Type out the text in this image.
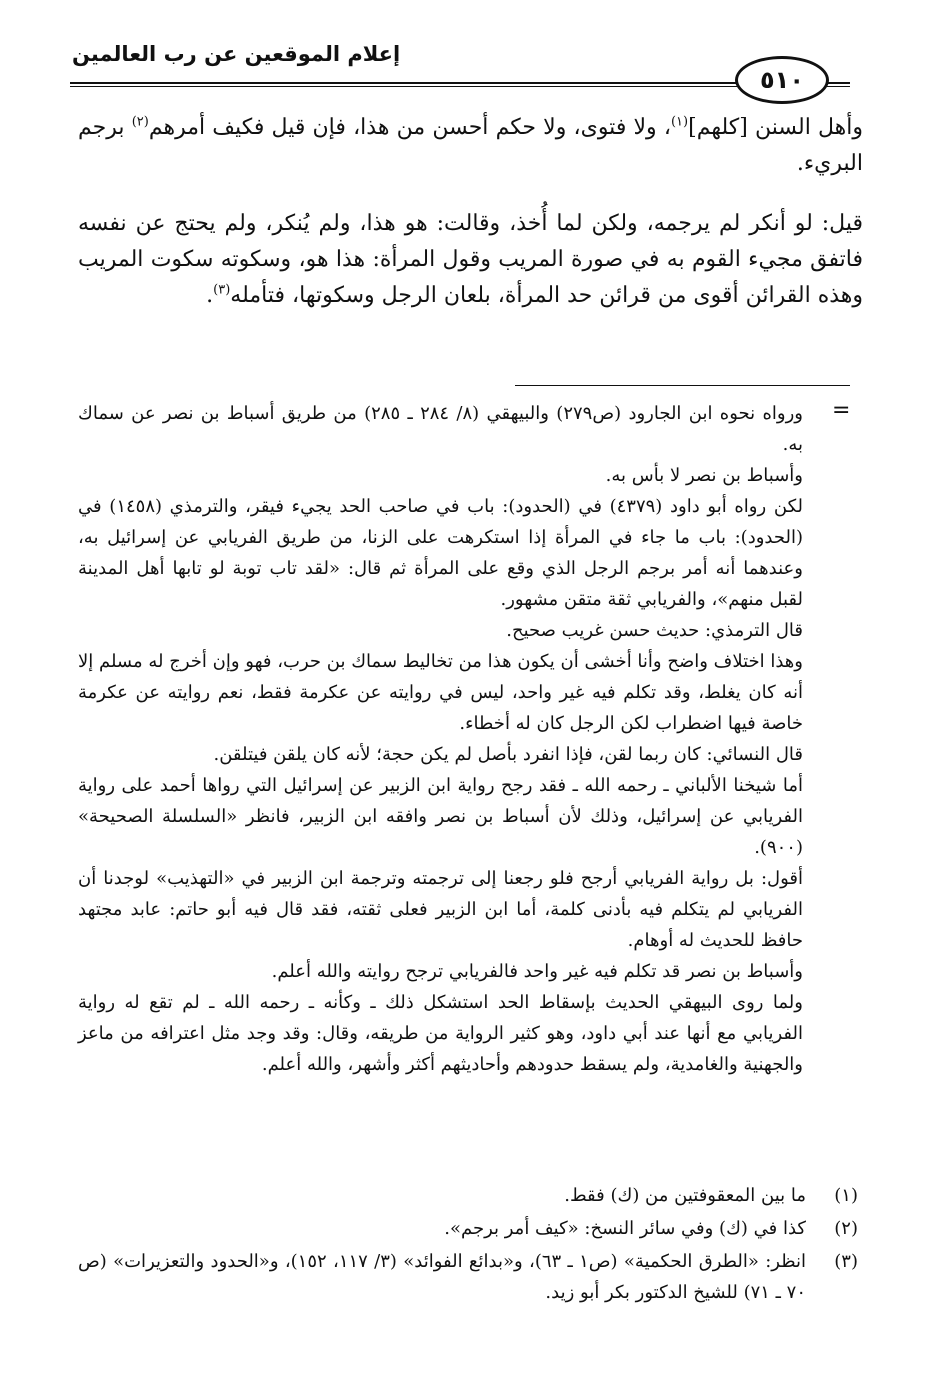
إعلام الموقعين عن رب العالمين
٥١٠

وأهل السنن [كلهم]$^{(١)}$، ولا فتوى، ولا حكم أحسن من هذا، فإن قيل فكيف أمرهم$^{(٢)}$ برجم البريء.

قيل: لو أنكر لم يرجمه، ولكن لما أُخذ، وقالت: هو هذا، ولم يُنكر، ولم يحتج عن نفسه فاتفق مجيء القوم به في صورة المريب وقول المرأة: هذا هو، وسكوته سكوت المريب وهذه القرائن أقوى من قرائن حد المرأة، بلعان الرجل وسكوتها، فتأمله$^{(٣)}$.

=

ورواه نحوه ابن الجارود (ص٢٧٩) والبيهقي (٨/ ٢٨٤ ـ ٢٨٥) من طريق أسباط بن نصر عن سماك به.

وأسباط بن نصر لا بأس به.

لكن رواه أبو داود (٤٣٧٩) في (الحدود): باب في صاحب الحد يجيء فيقر، والترمذي (١٤٥٨) في (الحدود): باب ما جاء في المرأة إذا استكرهت على الزنا، من طريق الفريابي عن إسرائيل به، وعندهما أنه أمر برجم الرجل الذي وقع على المرأة ثم قال: «لقد تاب توبة لو تابها أهل المدينة لقبل منهم»، والفريابي ثقة متقن مشهور.

قال الترمذي: حديث حسن غريب صحيح.

وهذا اختلاف واضح وأنا أخشى أن يكون هذا من تخاليط سماك بن حرب، فهو وإن أخرج له مسلم إلا أنه كان يغلط، وقد تكلم فيه غير واحد، ليس في روايته عن عكرمة فقط، نعم روايته عن عكرمة خاصة فيها اضطراب لكن الرجل كان له أخطاء.

قال النسائي: كان ربما لقن، فإذا انفرد بأصل لم يكن حجة؛ لأنه كان يلقن فيتلقن.

أما شيخنا الألباني ـ رحمه الله ـ فقد رجح رواية ابن الزبير عن إسرائيل التي رواها أحمد على رواية الفريابي عن إسرائيل، وذلك لأن أسباط بن نصر وافقه ابن الزبير، فانظر «السلسلة الصحيحة» (٩٠٠).

أقول: بل رواية الفريابي أرجح فلو رجعنا إلى ترجمته وترجمة ابن الزبير في «التهذيب» لوجدنا أن الفريابي لم يتكلم فيه بأدنى كلمة، أما ابن الزبير فعلى ثقته، فقد قال فيه أبو حاتم: عابد مجتهد حافظ للحديث له أوهام.

وأسباط بن نصر قد تكلم فيه غير واحد فالفريابي ترجح روايته والله أعلم.

ولما روى البيهقي الحديث بإسقاط الحد استشكل ذلك ـ وكأنه ـ رحمه الله ـ لم تقع له رواية الفريابي مع أنها عند أبي داود، وهو كثير الرواية من طريقه، وقال: وقد وجد مثل اعترافه من ماعز والجهنية والغامدية، ولم يسقط حدودهم وأحاديثهم أكثر وأشهر، والله أعلم.

(١)
ما بين المعقوفتين من (ك) فقط.
(٢)
كذا في (ك) وفي سائر النسخ: «كيف أمر برجم».
(٣)
انظر: «الطرق الحكمية» (ص١ ـ ٦٣)، و«بدائع الفوائد» (٣/ ١١٧، ١٥٢)، و«الحدود والتعزيرات» (ص ٧٠ ـ ٧١) للشيخ الدكتور بكر أبو زيد.
